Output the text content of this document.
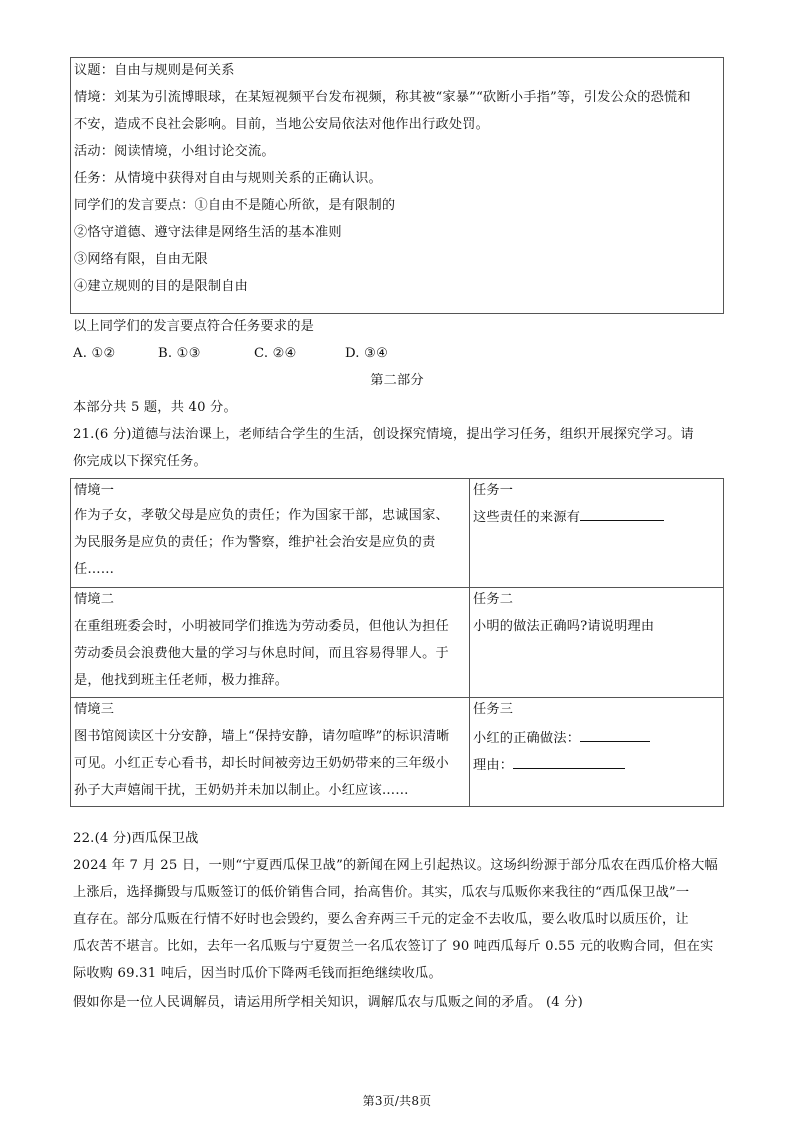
议题：自由与规则是何关系
情境：刘某为引流博眼球，在某短视频平台发布视频，称其被“家暴”“砍断小手指”等，引发公众的恐慌和
不安，造成不良社会影响。目前，当地公安局依法对他作出行政处罚。
活动：阅读情境，小组讨论交流。
任务：从情境中获得对自由与规则关系的正确认识。
同学们的发言要点：①自由不是随心所欲，是有限制的
②恪守道德、遵守法律是网络生活的基本准则
③网络有限，自由无限
④建立规则的目的是限制自由
以上同学们的发言要点符合任务要求的是
A. ①②	B. ①③	C. ②④	D. ③④
第二部分
本部分共 5 题，共 40 分。
21.(6 分)道德与法治课上，老师结合学生的生活，创设探究情境，提出学习任务，组织开展探究学习。请
你完成以下探究任务。
情境一
作为子女，孝敬父母是应负的责任；作为国家干部，忠诚国家、
为民服务是应负的责任；作为警察，维护社会治安是应负的责
任……
任务一
这些责任的来源有
情境二
在重组班委会时，小明被同学们推选为劳动委员，但他认为担任
劳动委员会浪费他大量的学习与休息时间，而且容易得罪人。于
是，他找到班主任老师，极力推辞。
任务二
小明的做法正确吗?请说明理由
情境三
图书馆阅读区十分安静，墙上“保持安静，请勿喧哗”的标识清晰
可见。小红正专心看书，却长时间被旁边王奶奶带来的三年级小
孙子大声嬉闹干扰，王奶奶并未加以制止。小红应该……
任务三
小红的正确做法：
理由：
22.(4 分)西瓜保卫战
2024 年 7 月 25 日，一则“宁夏西瓜保卫战”的新闻在网上引起热议。这场纠纷源于部分瓜农在西瓜价格大幅
上涨后，选择撕毁与瓜贩签订的低价销售合同，抬高售价。其实，瓜农与瓜贩你来我往的“西瓜保卫战”一
直存在。部分瓜贩在行情不好时也会毁约，要么舍弃两三千元的定金不去收瓜，要么收瓜时以质压价，让
瓜农苦不堪言。比如，去年一名瓜贩与宁夏贺兰一名瓜农签订了 90 吨西瓜每斤 0.55 元的收购合同，但在实
际收购 69.31 吨后，因当时瓜价下降两毛钱而拒绝继续收瓜。
假如你是一位人民调解员，请运用所学相关知识，调解瓜农与瓜贩之间的矛盾。 (4 分)
第3页/共8页
